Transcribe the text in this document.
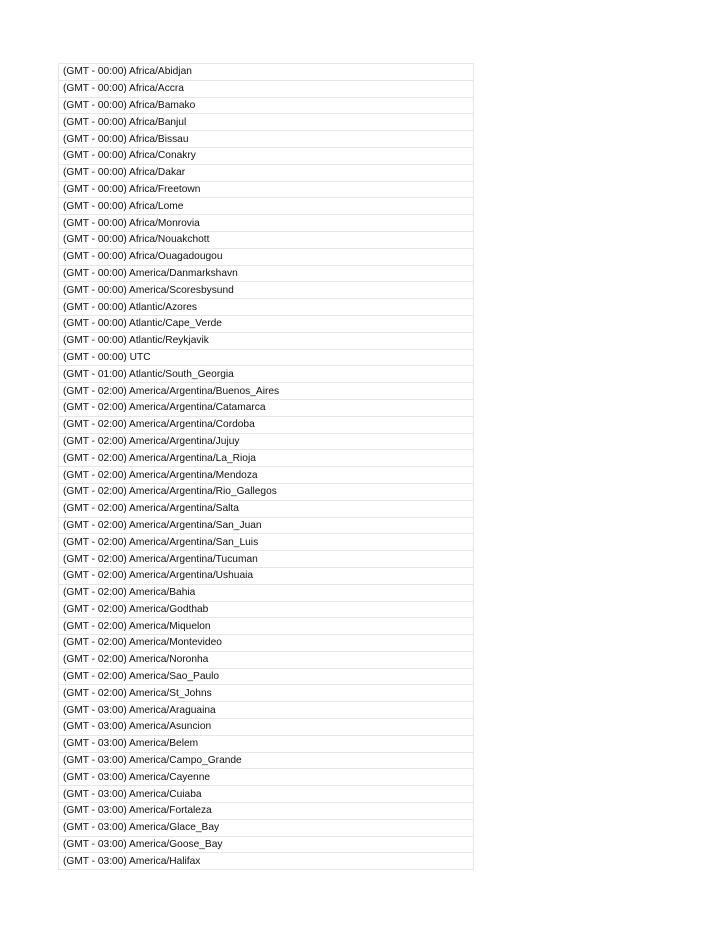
(GMT - 00:00) Africa/Abidjan
(GMT - 00:00) Africa/Accra
(GMT - 00:00) Africa/Bamako
(GMT - 00:00) Africa/Banjul
(GMT - 00:00) Africa/Bissau
(GMT - 00:00) Africa/Conakry
(GMT - 00:00) Africa/Dakar
(GMT - 00:00) Africa/Freetown
(GMT - 00:00) Africa/Lome
(GMT - 00:00) Africa/Monrovia
(GMT - 00:00) Africa/Nouakchott
(GMT - 00:00) Africa/Ouagadougou
(GMT - 00:00) America/Danmarkshavn
(GMT - 00:00) America/Scoresbysund
(GMT - 00:00) Atlantic/Azores
(GMT - 00:00) Atlantic/Cape_Verde
(GMT - 00:00) Atlantic/Reykjavik
(GMT - 00:00) UTC
(GMT - 01:00) Atlantic/South_Georgia
(GMT - 02:00) America/Argentina/Buenos_Aires
(GMT - 02:00) America/Argentina/Catamarca
(GMT - 02:00) America/Argentina/Cordoba
(GMT - 02:00) America/Argentina/Jujuy
(GMT - 02:00) America/Argentina/La_Rioja
(GMT - 02:00) America/Argentina/Mendoza
(GMT - 02:00) America/Argentina/Rio_Gallegos
(GMT - 02:00) America/Argentina/Salta
(GMT - 02:00) America/Argentina/San_Juan
(GMT - 02:00) America/Argentina/San_Luis
(GMT - 02:00) America/Argentina/Tucuman
(GMT - 02:00) America/Argentina/Ushuaia
(GMT - 02:00) America/Bahia
(GMT - 02:00) America/Godthab
(GMT - 02:00) America/Miquelon
(GMT - 02:00) America/Montevideo
(GMT - 02:00) America/Noronha
(GMT - 02:00) America/Sao_Paulo
(GMT - 02:00) America/St_Johns
(GMT - 03:00) America/Araguaina
(GMT - 03:00) America/Asuncion
(GMT - 03:00) America/Belem
(GMT - 03:00) America/Campo_Grande
(GMT - 03:00) America/Cayenne
(GMT - 03:00) America/Cuiaba
(GMT - 03:00) America/Fortaleza
(GMT - 03:00) America/Glace_Bay
(GMT - 03:00) America/Goose_Bay
(GMT - 03:00) America/Halifax
